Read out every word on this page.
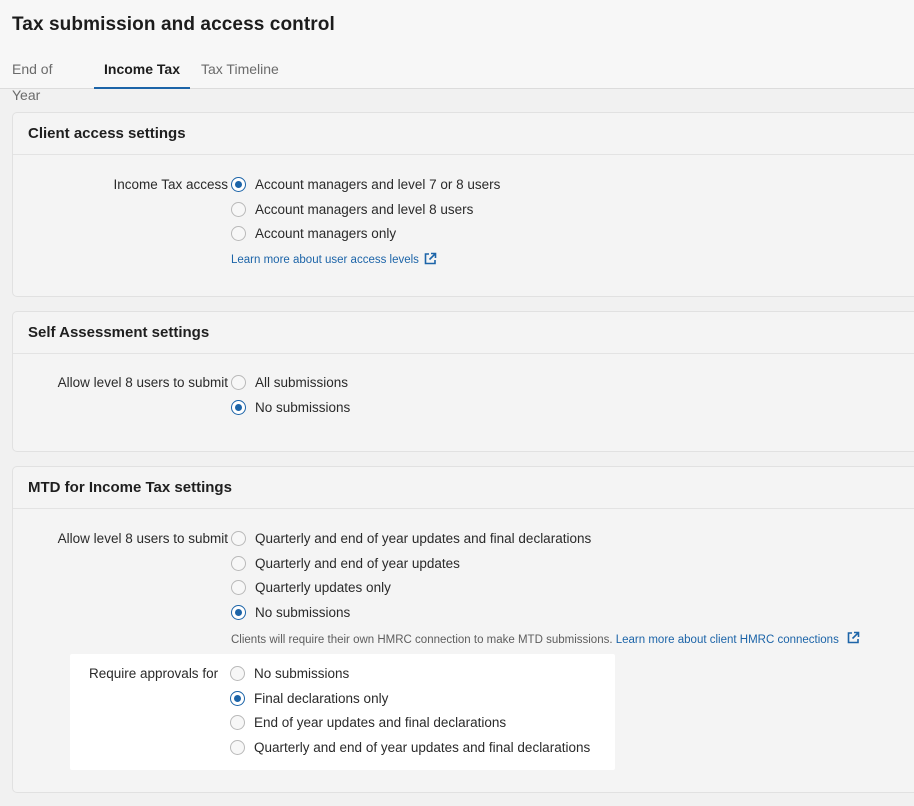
Tax submission and access control
End of Year
Income Tax	Tax Timeline
Client access settings
Income Tax access Account managers and level 7 or 8 users
Account managers and level 8 users
Account managers only
Learn more about user access levels
Self Assessment settings
Allow level 8 users to submit All submissions
No submissions
MTD for Income Tax settings
Allow level 8 users to submit Quarterly and end of year updates and final declarations
Quarterly and end of year updates
Quarterly updates only
No submissions
Clients will require their own HMRC connection to make MTD submissions. Learn more about client HMRC connections
Require approvals for	No submissions
Final declarations only
End of year updates and final declarations
Quarterly and end of year updates and final declarations
